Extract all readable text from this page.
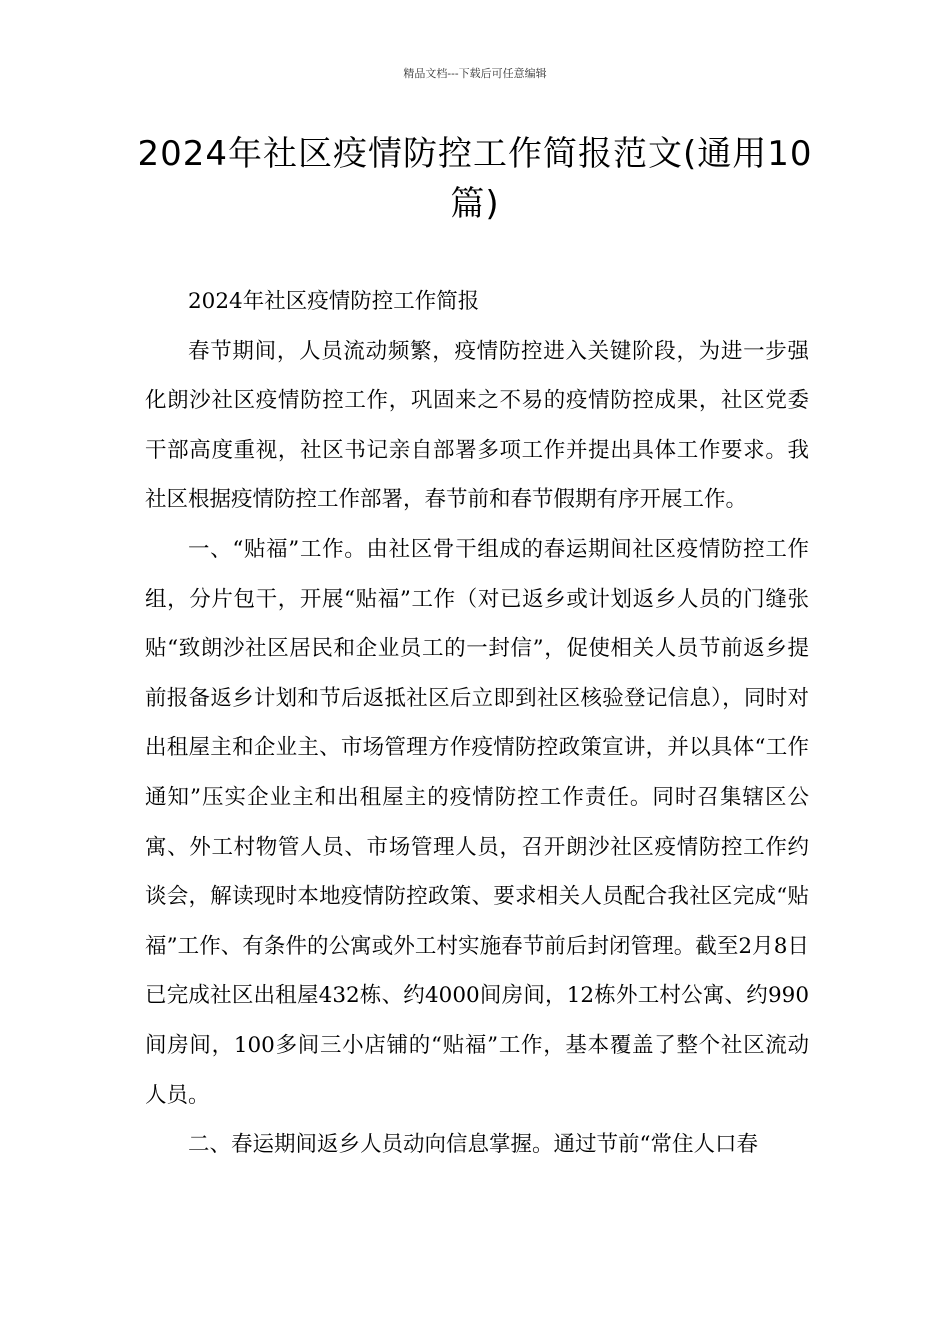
精品文档---下载后可任意编辑
2024年社区疫情防控工作简报范文(通用10篇)

2024年社区疫情防控工作简报

春节期间，人员流动频繁，疫情防控进入关键阶段，为进一步强化朗沙社区疫情防控工作，巩固来之不易的疫情防控成果，社区党委干部高度重视，社区书记亲自部署多项工作并提出具体工作要求。我社区根据疫情防控工作部署，春节前和春节假期有序开展工作。

一、“贴福”工作。由社区骨干组成的春运期间社区疫情防控工作组，分片包干，开展“贴福”工作（对已返乡或计划返乡人员的门缝张贴“致朗沙社区居民和企业员工的一封信”，促使相关人员节前返乡提前报备返乡计划和节后返抵社区后立即到社区核验登记信息），同时对出租屋主和企业主、市场管理方作疫情防控政策宣讲，并以具体“工作通知”压实企业主和出租屋主的疫情防控工作责任。同时召集辖区公寓、外工村物管人员、市场管理人员，召开朗沙社区疫情防控工作约谈会，解读现时本地疫情防控政策、要求相关人员配合我社区完成“贴福”工作、有条件的公寓或外工村实施春节前后封闭管理。截至2月8日已完成社区出租屋432栋、约4000间房间，12栋外工村公寓、约990间房间，100多间三小店铺的“贴福”工作，基本覆盖了整个社区流动人员。

二、春运期间返乡人员动向信息掌握。通过节前“常住人口春
